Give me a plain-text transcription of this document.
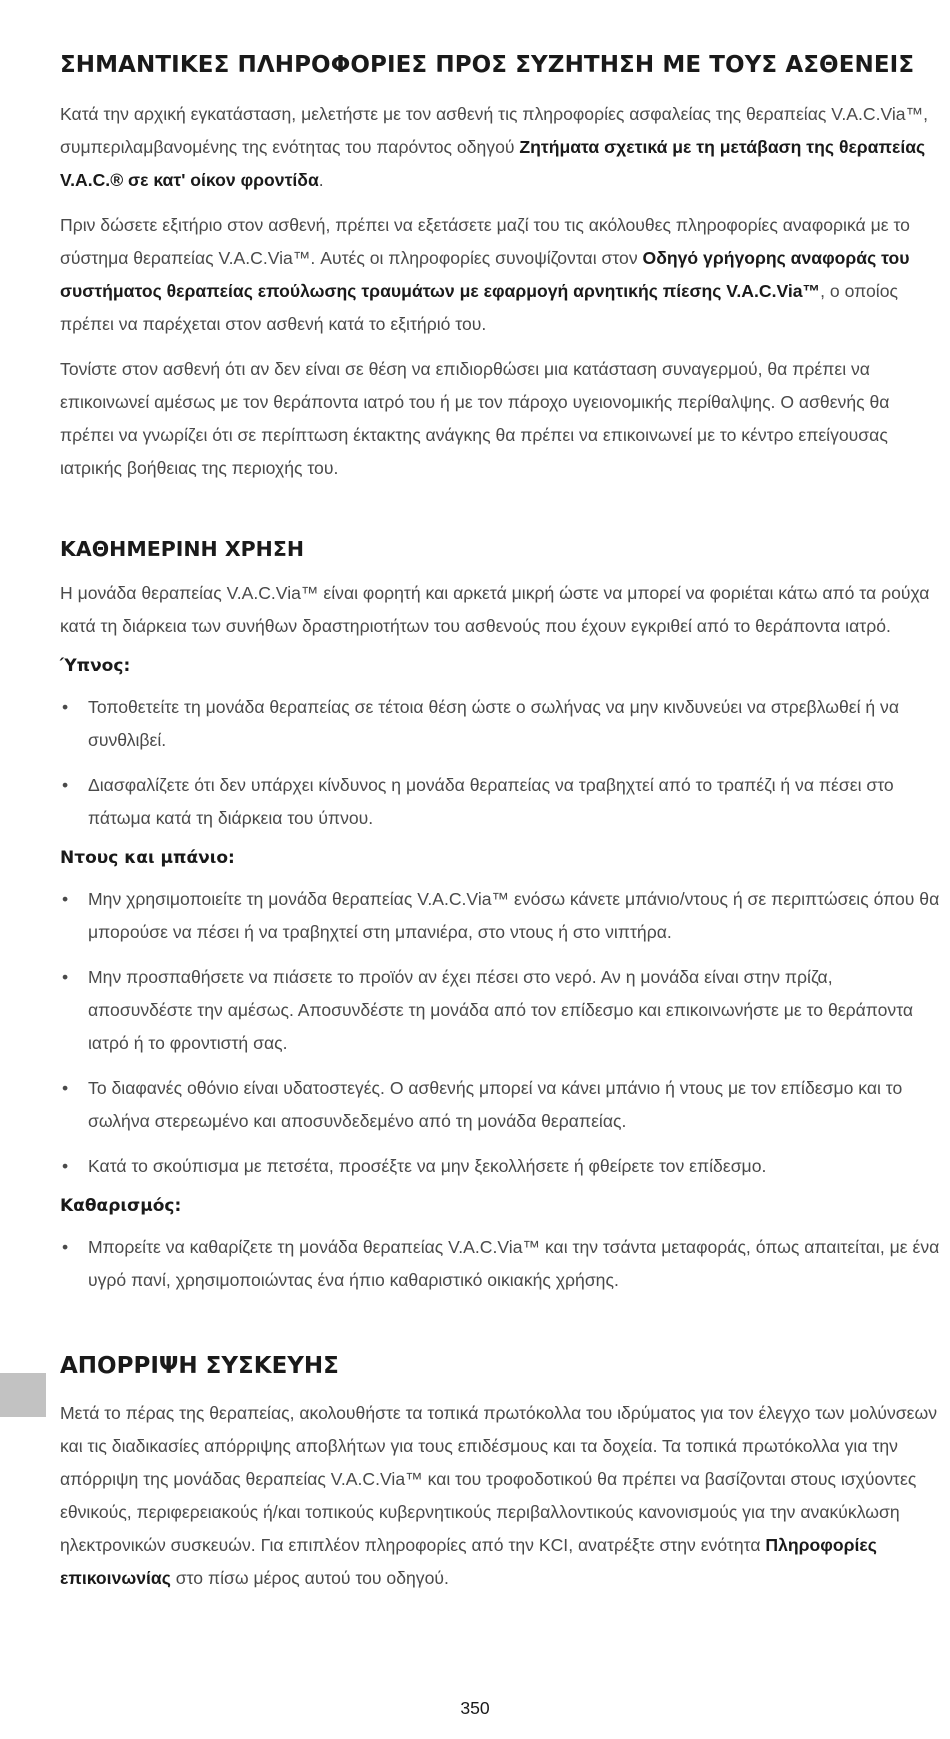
ΣΗΜΑΝΤΙΚΕΣ ΠΛΗΡΟΦΟΡΙΕΣ ΠΡΟΣ ΣΥΖΗΤΗΣΗ ΜΕ ΤΟΥΣ ΑΣΘΕΝΕΙΣ

Κατά την αρχική εγκατάσταση, μελετήστε με τον ασθενή τις πληροφορίες ασφαλείας της θεραπείας V.A.C.Via™, συμπεριλαμβανομένης της ενότητας του παρόντος οδηγού Ζητήματα σχετικά με τη μετάβαση της θεραπείας V.A.C.® σε κατ' οίκον φροντίδα.

Πριν δώσετε εξιτήριο στον ασθενή, πρέπει να εξετάσετε μαζί του τις ακόλουθες πληροφορίες αναφορικά με το σύστημα θεραπείας V.A.C.Via™. Αυτές οι πληροφορίες συνοψίζονται στον Οδηγό γρήγορης αναφοράς του συστήματος θεραπείας επούλωσης τραυμάτων με εφαρμογή αρνητικής πίεσης V.A.C.Via™, ο οποίος πρέπει να παρέχεται στον ασθενή κατά το εξιτήριό του.

Τονίστε στον ασθενή ότι αν δεν είναι σε θέση να επιδιορθώσει μια κατάσταση συναγερμού, θα πρέπει να επικοινωνεί αμέσως με τον θεράποντα ιατρό του ή με τον πάροχο υγειονομικής περίθαλψης. Ο ασθενής θα πρέπει να γνωρίζει ότι σε περίπτωση έκτακτης ανάγκης θα πρέπει να επικοινωνεί με το κέντρο επείγουσας ιατρικής βοήθειας της περιοχής του.

ΚΑΘΗΜΕΡΙΝΗ ΧΡΗΣΗ

Η μονάδα θεραπείας V.A.C.Via™ είναι φορητή και αρκετά μικρή ώστε να μπορεί να φοριέται κάτω από τα ρούχα κατά τη διάρκεια των συνήθων δραστηριοτήτων του ασθενούς που έχουν εγκριθεί από το θεράποντα ιατρό.

Ύπνος:
• Τοποθετείτε τη μονάδα θεραπείας σε τέτοια θέση ώστε ο σωλήνας να μην κινδυνεύει να στρεβλωθεί ή να συνθλιβεί.
• Διασφαλίζετε ότι δεν υπάρχει κίνδυνος η μονάδα θεραπείας να τραβηχτεί από το τραπέζι ή να πέσει στο πάτωμα κατά τη διάρκεια του ύπνου.
Ντους και μπάνιο:
• Μην χρησιμοποιείτε τη μονάδα θεραπείας V.A.C.Via™ ενόσω κάνετε μπάνιο/ντους ή σε περιπτώσεις όπου θα μπορούσε να πέσει ή να τραβηχτεί στη μπανιέρα, στο ντους ή στο νιπτήρα.
• Μην προσπαθήσετε να πιάσετε το προϊόν αν έχει πέσει στο νερό. Αν η μονάδα είναι στην πρίζα, αποσυνδέστε την αμέσως. Αποσυνδέστε τη μονάδα από τον επίδεσμο και επικοινωνήστε με το θεράποντα ιατρό ή το φροντιστή σας.
• Το διαφανές οθόνιο είναι υδατοστεγές. Ο ασθενής μπορεί να κάνει μπάνιο ή ντους με τον επίδεσμο και το σωλήνα στερεωμένο και αποσυνδεδεμένο από τη μονάδα θεραπείας.
• Κατά το σκούπισμα με πετσέτα, προσέξτε να μην ξεκολλήσετε ή φθείρετε τον επίδεσμο.
Καθαρισμός:
• Μπορείτε να καθαρίζετε τη μονάδα θεραπείας V.A.C.Via™ και την τσάντα μεταφοράς, όπως απαιτείται, με ένα υγρό πανί, χρησιμοποιώντας ένα ήπιο καθαριστικό οικιακής χρήσης.
ΑΠΟΡΡΙΨΗ ΣΥΣΚΕΥΗΣ

Μετά το πέρας της θεραπείας, ακολουθήστε τα τοπικά πρωτόκολλα του ιδρύματος για τον έλεγχο των μολύνσεων και τις διαδικασίες απόρριψης αποβλήτων για τους επιδέσμους και τα δοχεία. Τα τοπικά πρωτόκολλα για την απόρριψη της μονάδας θεραπείας V.A.C.Via™ και του τροφοδοτικού θα πρέπει να βασίζονται στους ισχύοντες εθνικούς, περιφερειακούς ή/και τοπικούς κυβερνητικούς περιβαλλοντικούς κανονισμούς για την ανακύκλωση ηλεκτρονικών συσκευών. Για επιπλέον πληροφορίες από την KCI, ανατρέξτε στην ενότητα Πληροφορίες επικοινωνίας στο πίσω μέρος αυτού του οδηγού.

350
